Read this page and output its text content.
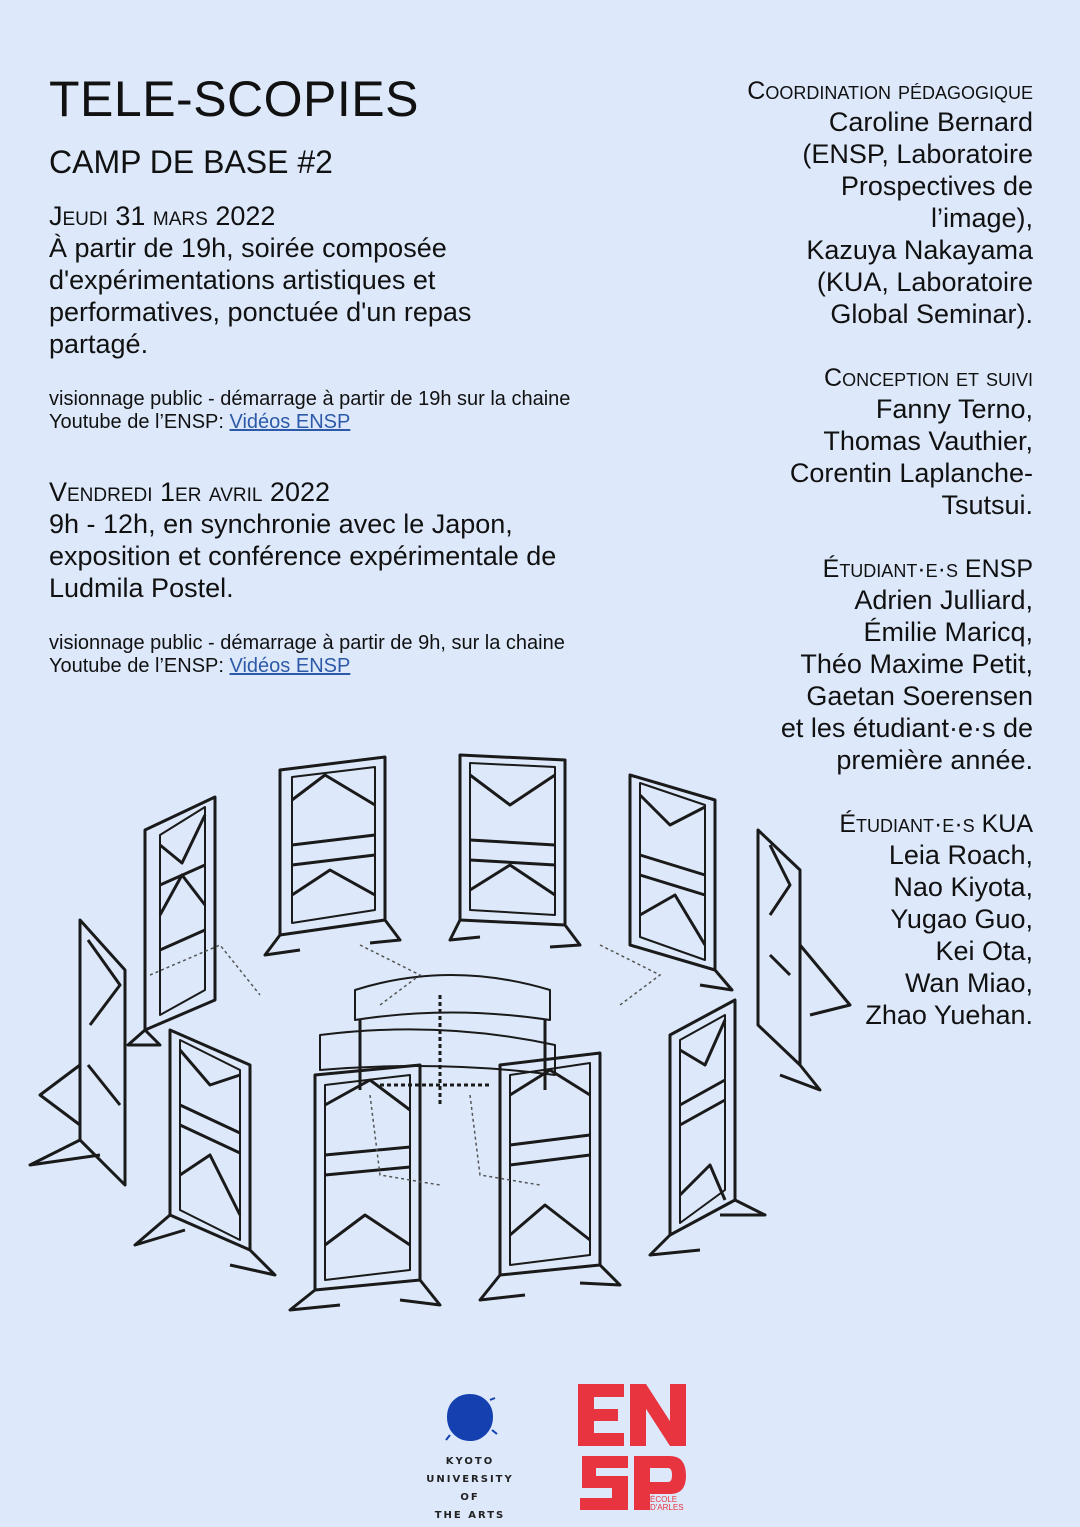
TELE-SCOPIES
CAMP DE BASE #2
Jeudi 31 mars 2022
À partir de 19h, soirée composée
d'expérimentations artistiques et
performatives, ponctuée d'un repas
partagé.
visionnage public - démarrage à partir de 19h sur la chaine
Youtube de l’ENSP: Vidéos ENSP
Vendredi 1er avril 2022
9h - 12h, en synchronie avec le Japon,
exposition et conférence expérimentale de
Ludmila Postel.
visionnage public - démarrage à partir de 9h, sur la chaine
Youtube de l’ENSP: Vidéos ENSP
Coordination pédagogique
Caroline Bernard
(ENSP, Laboratoire
Prospectives de
l’image),
Kazuya Nakayama
(KUA, Laboratoire
Global Seminar).
Conception et suivi
Fanny Terno,
Thomas Vauthier,
Corentin Laplanche-
Tsutsui.
Étudiant·e·s ENSP
Adrien Julliard,
Émilie Maricq,
Théo Maxime Petit,
Gaetan Soerensen
et les étudiant·e·s de
première année.
Étudiant·e·s KUA
Leia Roach,
Nao Kiyota,
Yugao Guo,
Kei Ota,
Wan Miao,
Zhao Yuehan.
KYOTO
UNIVERSITY OF
THE ARTS
ÉCOLE
D'ARLES
